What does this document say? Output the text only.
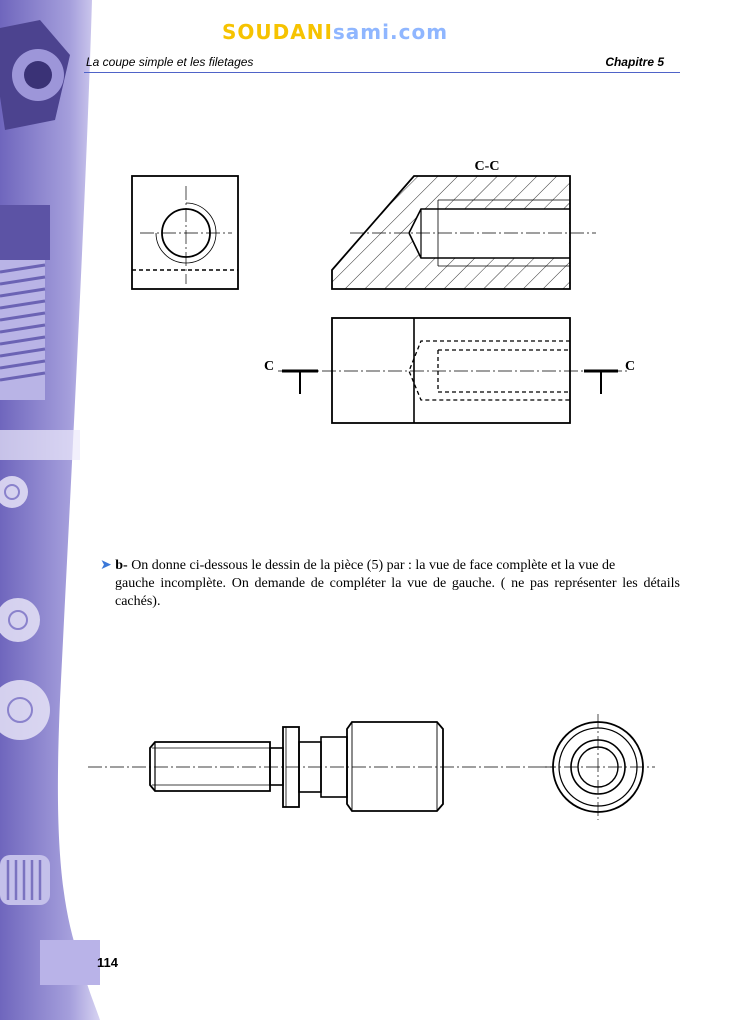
SOUDANIsami.com
La coupe simple et les filetages	Chapitre 5
C-C
C	C
➤ b- On donne ci-dessous le dessin de la pièce (5) par : la vue de face complète et la vue de
gauche incomplète. On demande de compléter la vue de gauche. ( ne pas représenter les détails cachés).
114
